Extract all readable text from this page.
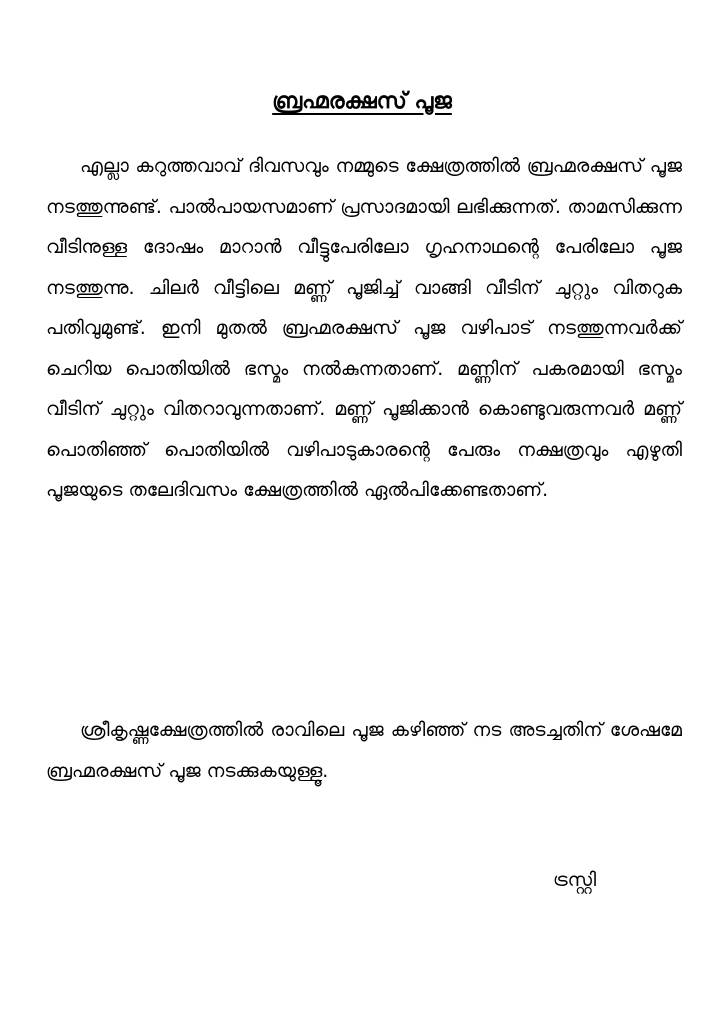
ബ്രഹ്മരക്ഷസ് പൂജ

എല്ലാ കറുത്തവാവ് ദിവസവും നമ്മുടെ ക്ഷേത്രത്തിൽ ബ്രഹ്മരക്ഷസ് പൂജ നടത്തുന്നുണ്ട്. പാൽപായസമാണ് പ്രസാദമായി ലഭിക്കുന്നത്. താമസിക്കുന്ന വീടിനുള്ള ദോഷം മാറാൻ വീട്ടുപേരിലോ ഗൃഹനാഥന്റെ പേരിലോ പൂജ നടത്തുന്നു. ചിലർ വീട്ടിലെ മണ്ണ് പൂജിച്ച് വാങ്ങി വീടിന് ചുറ്റും വിതറുക പതിവുമുണ്ട്. ഇനി മുതൽ ബ്രഹ്മരക്ഷസ് പൂജ വഴിപാട് നടത്തുന്നവർക്ക് ചെറിയ പൊതിയിൽ ഭസ്മം നൽകുന്നതാണ്. മണ്ണിന് പകരമായി ഭസ്മം വീടിന് ചുറ്റും വിതറാവുന്നതാണ്. മണ്ണ് പൂജിക്കാൻ കൊണ്ടുവരുന്നവർ മണ്ണ് പൊതിഞ്ഞ് പൊതിയിൽ വഴിപാടുകാരന്റെ പേരും നക്ഷത്രവും എഴുതി പൂജയുടെ തലേദിവസം ക്ഷേത്രത്തിൽ ഏൽപിക്കേണ്ടതാണ്.

ശ്രീകൃഷ്ണക്ഷേത്രത്തിൽ രാവിലെ പൂജ കഴിഞ്ഞ് നട അടച്ചതിന് ശേഷമേ ബ്രഹ്മരക്ഷസ് പൂജ നടക്കുകയുള്ളൂ.

ട്രസ്റ്റി
